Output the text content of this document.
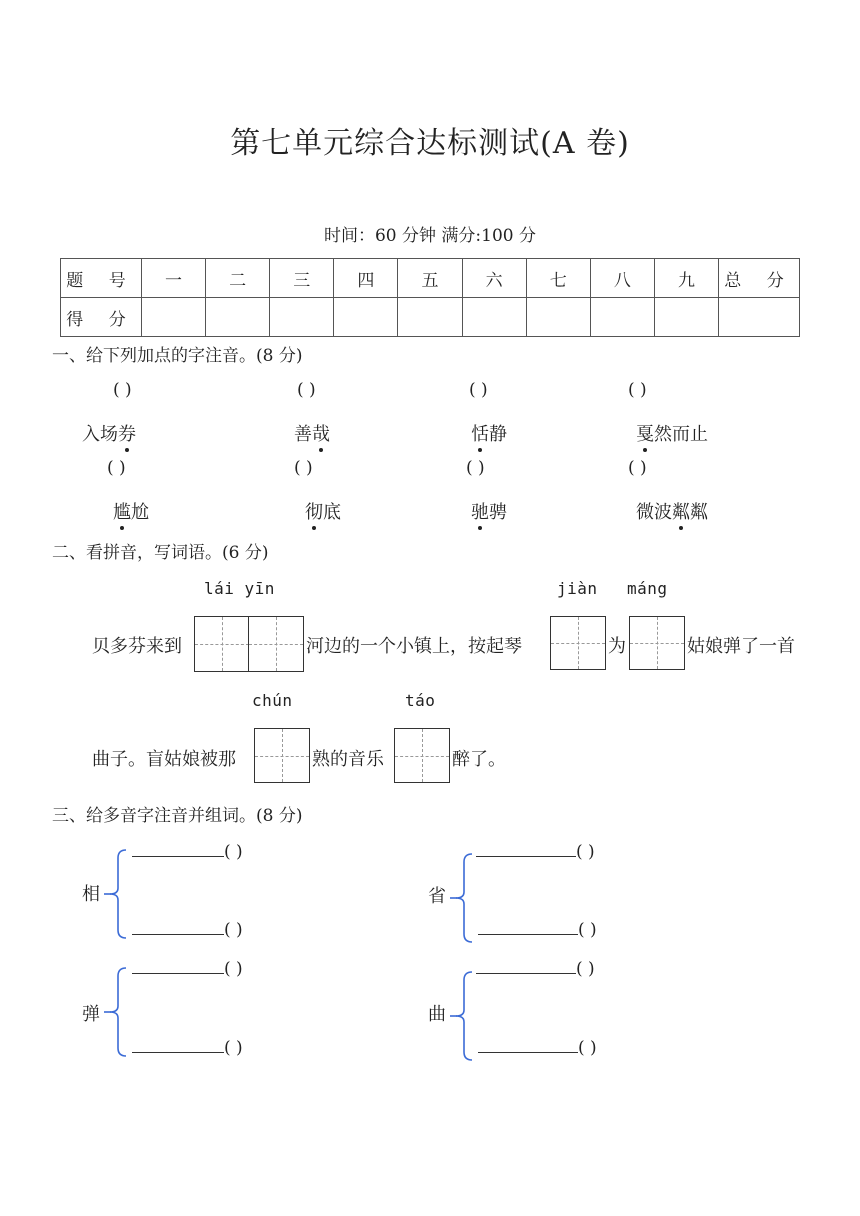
第七单元综合达标测试(A 卷)
时间：60 分钟 满分:100 分
题 号	一	二	三	四	五	六	七	八	九	总 分
得 分										
一、给下列加点的字注音。(8 分)
( )	( )	( )	( )
入场券	善哉	恬静	戛然而止
( )	( )	( )	( )
尴尬	彻底	驰骋	微波粼粼
二、看拼音，写词语。(6 分)
lái yīn	jiàn máng
贝多芬来到	河边的一个小镇上，按起琴	为	姑娘弹了一首
chún	táo
曲子。盲姑娘被那	熟的音乐	醉了。
三、给多音字注音并组词。(8 分)
相
( )
( )
省
( )
( )
弹
( )
( )
曲
( )
( )
